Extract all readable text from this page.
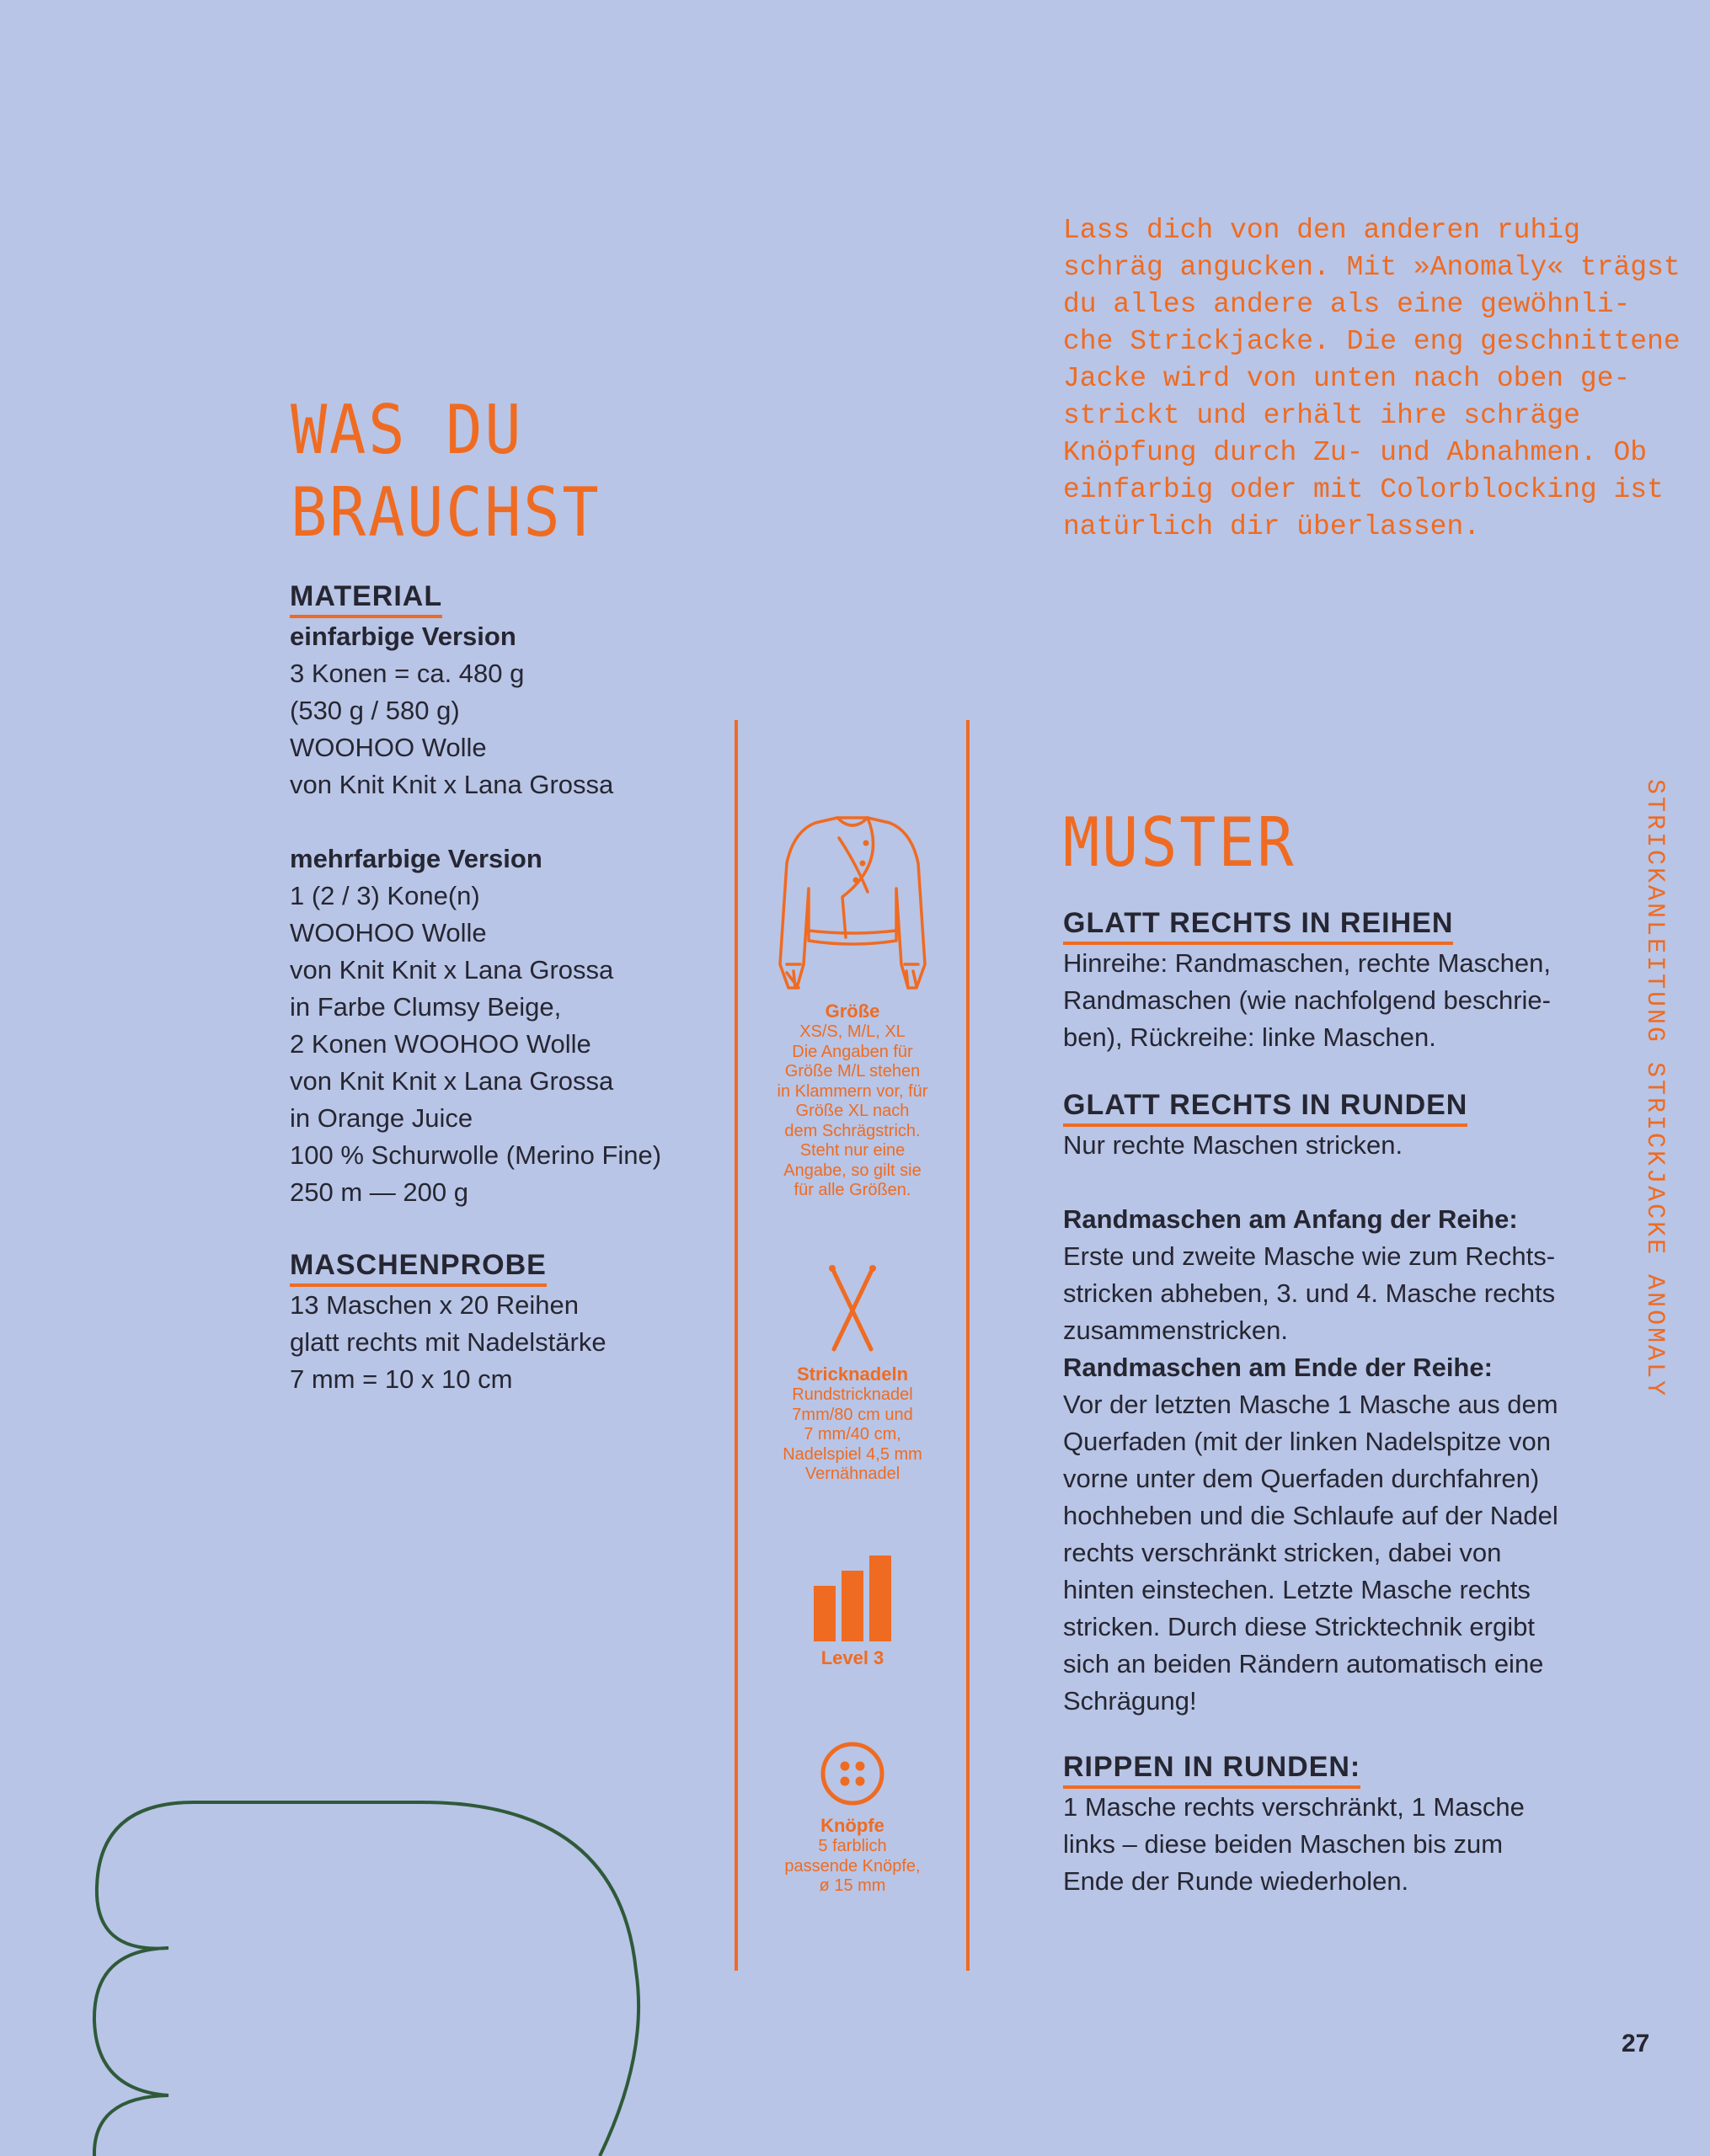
Lass dich von den anderen ruhig
schräg angucken. Mit »Anomaly« trägst
du alles andere als eine gewöhnli-
che Strickjacke. Die eng geschnittene
Jacke wird von unten nach oben ge-
strickt und erhält ihre schräge
Knöpfung durch Zu- und Abnahmen. Ob
einfarbig oder mit Colorblocking ist
natürlich dir überlassen.
WAS DU
BRAUCHST
MATERIAL

einfarbige Version

3 Konen = ca. 480 g
(530 g / 580 g)
WOOHOO Wolle
von Knit Knit x Lana Grossa

mehrfarbige Version

1 (2 / 3) Kone(n)
WOOHOO Wolle
von Knit Knit x Lana Grossa
in Farbe Clumsy Beige,
2 Konen WOOHOO Wolle
von Knit Knit x Lana Grossa
in Orange Juice
100 % Schurwolle (Merino Fine)
250 m — 200 g

MASCHENPROBE

13 Maschen x 20 Reihen
glatt rechts mit Nadelstärke
7 mm = 10 x 10 cm

Größe

XS/S, M/L, XL
Die Angaben für
Größe M/L stehen
in Klammern vor, für
Größe XL nach
dem Schrägstrich.
Steht nur eine
Angabe, so gilt sie
für alle Größen.

Stricknadeln

Rundstricknadel
7mm/80 cm und
7 mm/40 cm,
Nadelspiel 4,5 mm
Vernähnadel

Level 3

Knöpfe

5 farblich
passende Knöpfe,
ø 15 mm

MUSTER
GLATT RECHTS IN REIHEN

Hinreihe: Randmaschen, rechte Maschen,
Randmaschen (wie nachfolgend beschrie-
ben), Rückreihe: linke Maschen.

GLATT RECHTS IN RUNDEN

Nur rechte Maschen stricken.

Randmaschen am Anfang der Reihe:

Erste und zweite Masche wie zum Rechts-
stricken abheben, 3. und 4. Masche rechts
zusammenstricken.

Randmaschen am Ende der Reihe:

Vor der letzten Masche 1 Masche aus dem
Querfaden (mit der linken Nadelspitze von
vorne unter dem Querfaden durchfahren)
hochheben und die Schlaufe auf der Nadel
rechts verschränkt stricken, dabei von
hinten einstechen. Letzte Masche rechts
stricken. Durch diese Stricktechnik ergibt
sich an beiden Rändern automatisch eine
Schrägung!

RIPPEN IN RUNDEN:

1 Masche rechts verschränkt, 1 Masche
links – diese beiden Maschen bis zum
Ende der Runde wiederholen.

STRICKANLEITUNG STRICKJACKE ANOMALY
27
